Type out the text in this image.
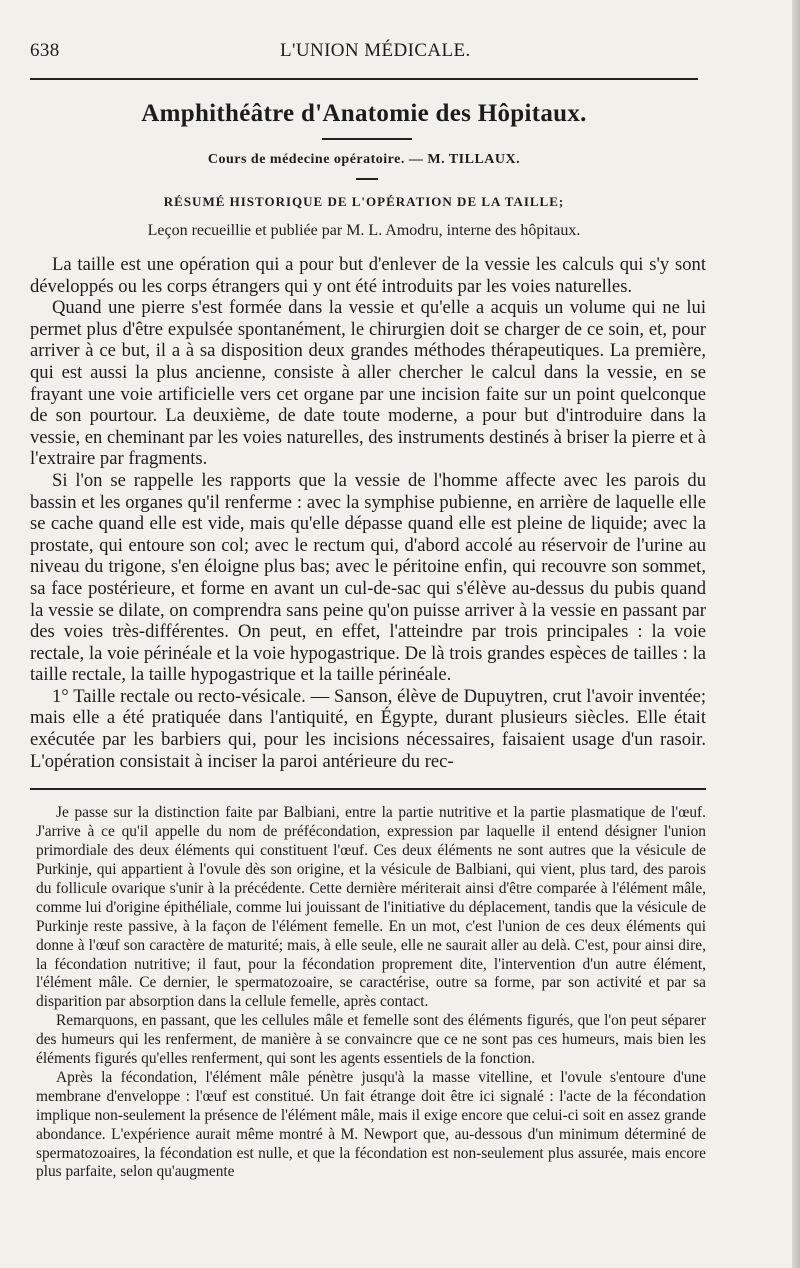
638	L'UNION MÉDICALE.
Amphithéâtre d'Anatomie des Hôpitaux.
Cours de médecine opératoire. — M. TILLAUX.
RÉSUMÉ HISTORIQUE DE L'OPÉRATION DE LA TAILLE;
Leçon recueillie et publiée par M. L. Amodru, interne des hôpitaux.

La taille est une opération qui a pour but d'enlever de la vessie les calculs qui s'y sont développés ou les corps étrangers qui y ont été introduits par les voies naturelles.

Quand une pierre s'est formée dans la vessie et qu'elle a acquis un volume qui ne lui permet plus d'être expulsée spontanément, le chirurgien doit se charger de ce soin, et, pour arriver à ce but, il a à sa disposition deux grandes méthodes thérapeutiques. La première, qui est aussi la plus ancienne, consiste à aller chercher le calcul dans la vessie, en se frayant une voie artificielle vers cet organe par une incision faite sur un point quelconque de son pourtour. La deuxième, de date toute moderne, a pour but d'introduire dans la vessie, en cheminant par les voies naturelles, des instruments destinés à briser la pierre et à l'extraire par fragments.

Si l'on se rappelle les rapports que la vessie de l'homme affecte avec les parois du bassin et les organes qu'il renferme : avec la symphise pubienne, en arrière de laquelle elle se cache quand elle est vide, mais qu'elle dépasse quand elle est pleine de liquide; avec la prostate, qui entoure son col; avec le rectum qui, d'abord accolé au réservoir de l'urine au niveau du trigone, s'en éloigne plus bas; avec le péritoine enfin, qui recouvre son sommet, sa face postérieure, et forme en avant un cul-de-sac qui s'élève au-dessus du pubis quand la vessie se dilate, on comprendra sans peine qu'on puisse arriver à la vessie en passant par des voies très-différentes. On peut, en effet, l'atteindre par trois principales : la voie rectale, la voie périnéale et la voie hypogastrique. De là trois grandes espèces de tailles : la taille rectale, la taille hypogastrique et la taille périnéale.

1° Taille rectale ou recto-vésicale. — Sanson, élève de Dupuytren, crut l'avoir inventée; mais elle a été pratiquée dans l'antiquité, en Égypte, durant plusieurs siècles. Elle était exécutée par les barbiers qui, pour les incisions nécessaires, faisaient usage d'un rasoir. L'opération consistait à inciser la paroi antérieure du rec-

Je passe sur la distinction faite par Balbiani, entre la partie nutritive et la partie plasmatique de l'œuf. J'arrive à ce qu'il appelle du nom de préfécondation, expression par laquelle il entend désigner l'union primordiale des deux éléments qui constituent l'œuf. Ces deux éléments ne sont autres que la vésicule de Purkinje, qui appartient à l'ovule dès son origine, et la vésicule de Balbiani, qui vient, plus tard, des parois du follicule ovarique s'unir à la précédente. Cette dernière mériterait ainsi d'être comparée à l'élément mâle, comme lui d'origine épithéliale, comme lui jouissant de l'initiative du déplacement, tandis que la vésicule de Purkinje reste passive, à la façon de l'élément femelle. En un mot, c'est l'union de ces deux éléments qui donne à l'œuf son caractère de maturité; mais, à elle seule, elle ne saurait aller au delà. C'est, pour ainsi dire, la fécondation nutritive; il faut, pour la fécondation proprement dite, l'intervention d'un autre élément, l'élément mâle. Ce dernier, le spermatozoaire, se caractérise, outre sa forme, par son activité et par sa disparition par absorption dans la cellule femelle, après contact.

Remarquons, en passant, que les cellules mâle et femelle sont des éléments figurés, que l'on peut séparer des humeurs qui les renferment, de manière à se convaincre que ce ne sont pas ces humeurs, mais bien les éléments figurés qu'elles renferment, qui sont les agents essentiels de la fonction.

Après la fécondation, l'élément mâle pénètre jusqu'à la masse vitelline, et l'ovule s'entoure d'une membrane d'enveloppe : l'œuf est constitué. Un fait étrange doit être ici signalé : l'acte de la fécondation implique non-seulement la présence de l'élément mâle, mais il exige encore que celui-ci soit en assez grande abondance. L'expérience aurait même montré à M. Newport que, au-dessous d'un minimum déterminé de spermatozoaires, la fécondation est nulle, et que la fécondation est non-seulement plus assurée, mais encore plus parfaite, selon qu'augmente
